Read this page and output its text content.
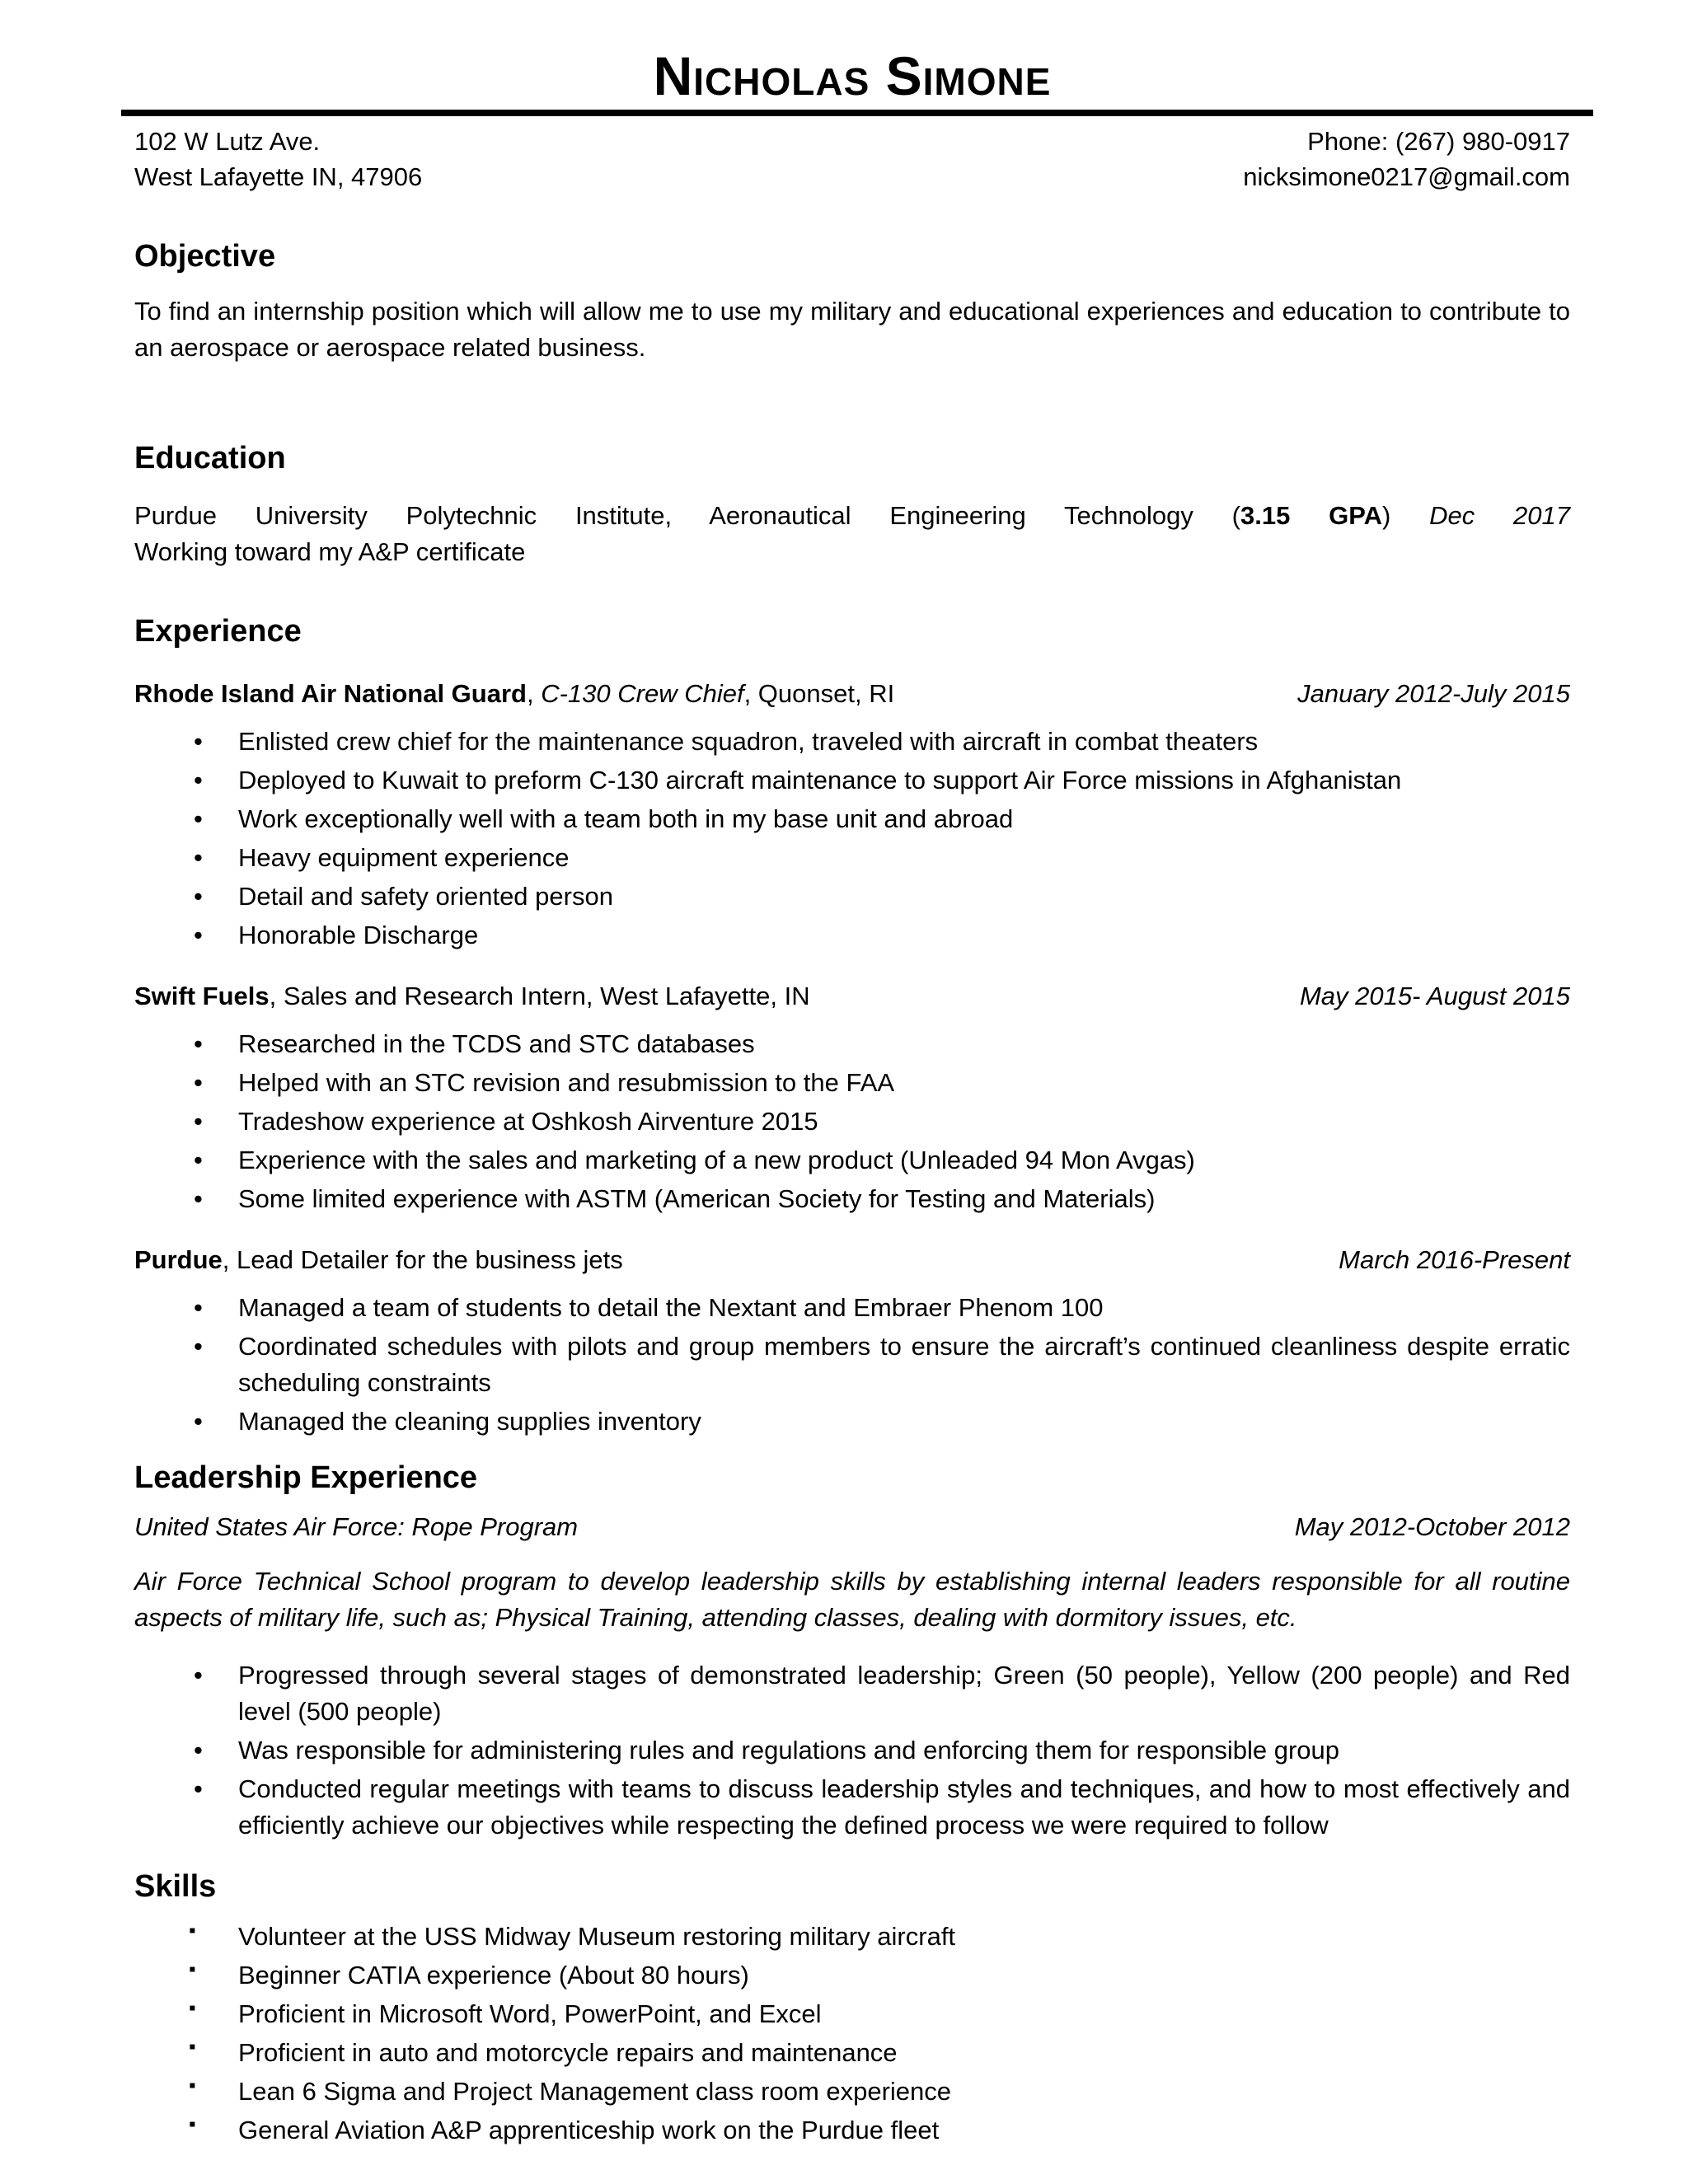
Nicholas Simone
102 W Lutz Ave.
West Lafayette IN, 47906
Phone: (267) 980-0917
nicksimone0217@gmail.com
Objective

To find an internship position which will allow me to use my military and educational experiences and education to contribute to an aerospace or aerospace related business.

Education

Purdue University Polytechnic Institute, Aeronautical Engineering Technology (3.15 GPA) Dec 2017

Working toward my A&P certificate

Experience
Rhode Island Air National Guard, C-130 Crew Chief, Quonset, RI	January 2012-July 2015
• Enlisted crew chief for the maintenance squadron, traveled with aircraft in combat theaters
• Deployed to Kuwait to preform C-130 aircraft maintenance to support Air Force missions in Afghanistan
• Work exceptionally well with a team both in my base unit and abroad
• Heavy equipment experience
• Detail and safety oriented person
• Honorable Discharge
Swift Fuels, Sales and Research Intern, West Lafayette, IN	May 2015- August 2015
• Researched in the TCDS and STC databases
• Helped with an STC revision and resubmission to the FAA
• Tradeshow experience at Oshkosh Airventure 2015
• Experience with the sales and marketing of a new product (Unleaded 94 Mon Avgas)
• Some limited experience with ASTM (American Society for Testing and Materials)
Purdue, Lead Detailer for the business jets	March 2016-Present
• Managed a team of students to detail the Nextant and Embraer Phenom 100
• Coordinated schedules with pilots and group members to ensure the aircraft’s continued cleanliness despite erratic scheduling constraints
• Managed the cleaning supplies inventory
Leadership Experience
United States Air Force: Rope Program	May 2012-October 2012

Air Force Technical School program to develop leadership skills by establishing internal leaders responsible for all routine aspects of military life, such as; Physical Training, attending classes, dealing with dormitory issues, etc.

• Progressed through several stages of demonstrated leadership; Green (50 people), Yellow (200 people) and Red level (500 people)
• Was responsible for administering rules and regulations and enforcing them for responsible group
• Conducted regular meetings with teams to discuss leadership styles and techniques, and how to most effectively and efficiently achieve our objectives while respecting the defined process we were required to follow
Skills
▪ Volunteer at the USS Midway Museum restoring military aircraft
▪ Beginner CATIA experience (About 80 hours)
▪ Proficient in Microsoft Word, PowerPoint, and Excel
▪ Proficient in auto and motorcycle repairs and maintenance
▪ Lean 6 Sigma and Project Management class room experience
▪ General Aviation A&P apprenticeship work on the Purdue fleet
